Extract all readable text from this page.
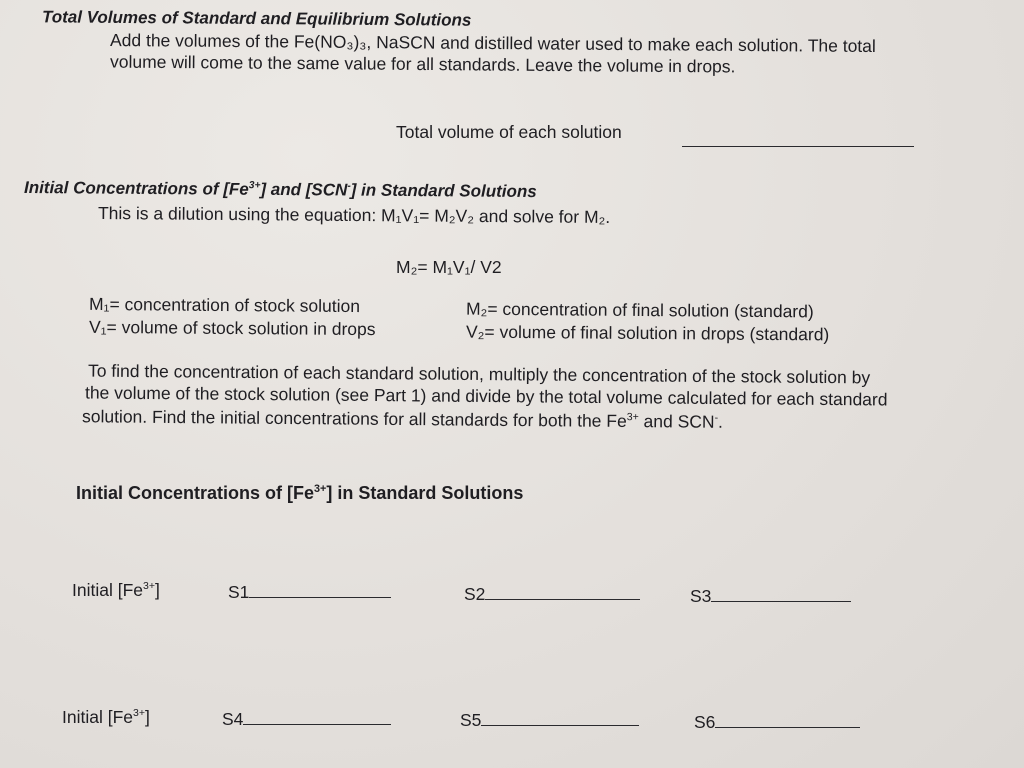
Total Volumes of Standard and Equilibrium Solutions
Add the volumes of the Fe(NO₃)₃, NaSCN and distilled water used to make each solution. The total
volume will come to the same value for all standards. Leave the volume in drops.
Total volume of each solution
Initial Concentrations of $[Fe^{3+}]$ and [SCN-] in Standard Solutions
This is a dilution using the equation: M₁V₁= M₂V₂ and solve for M₂.
M₂= M₁V₁/ V2
M₁= concentration of stock solution
V₁= volume of stock solution in drops
M₂= concentration of final solution (standard)
V₂= volume of final solution in drops (standard)
To find the concentration of each standard solution, multiply the concentration of the stock solution by
the volume of the stock solution (see Part 1) and divide by the total volume calculated for each standard
solution. Find the initial concentrations for all standards for both the $Fe^{3+}$ and SCN-.
Initial Concentrations of $[Fe^{3+}]$ in Standard Solutions
Initial $[Fe^{3+}]$	S1	S2	S3
Initial $[Fe^{3+}]$	S4	S5	S6
